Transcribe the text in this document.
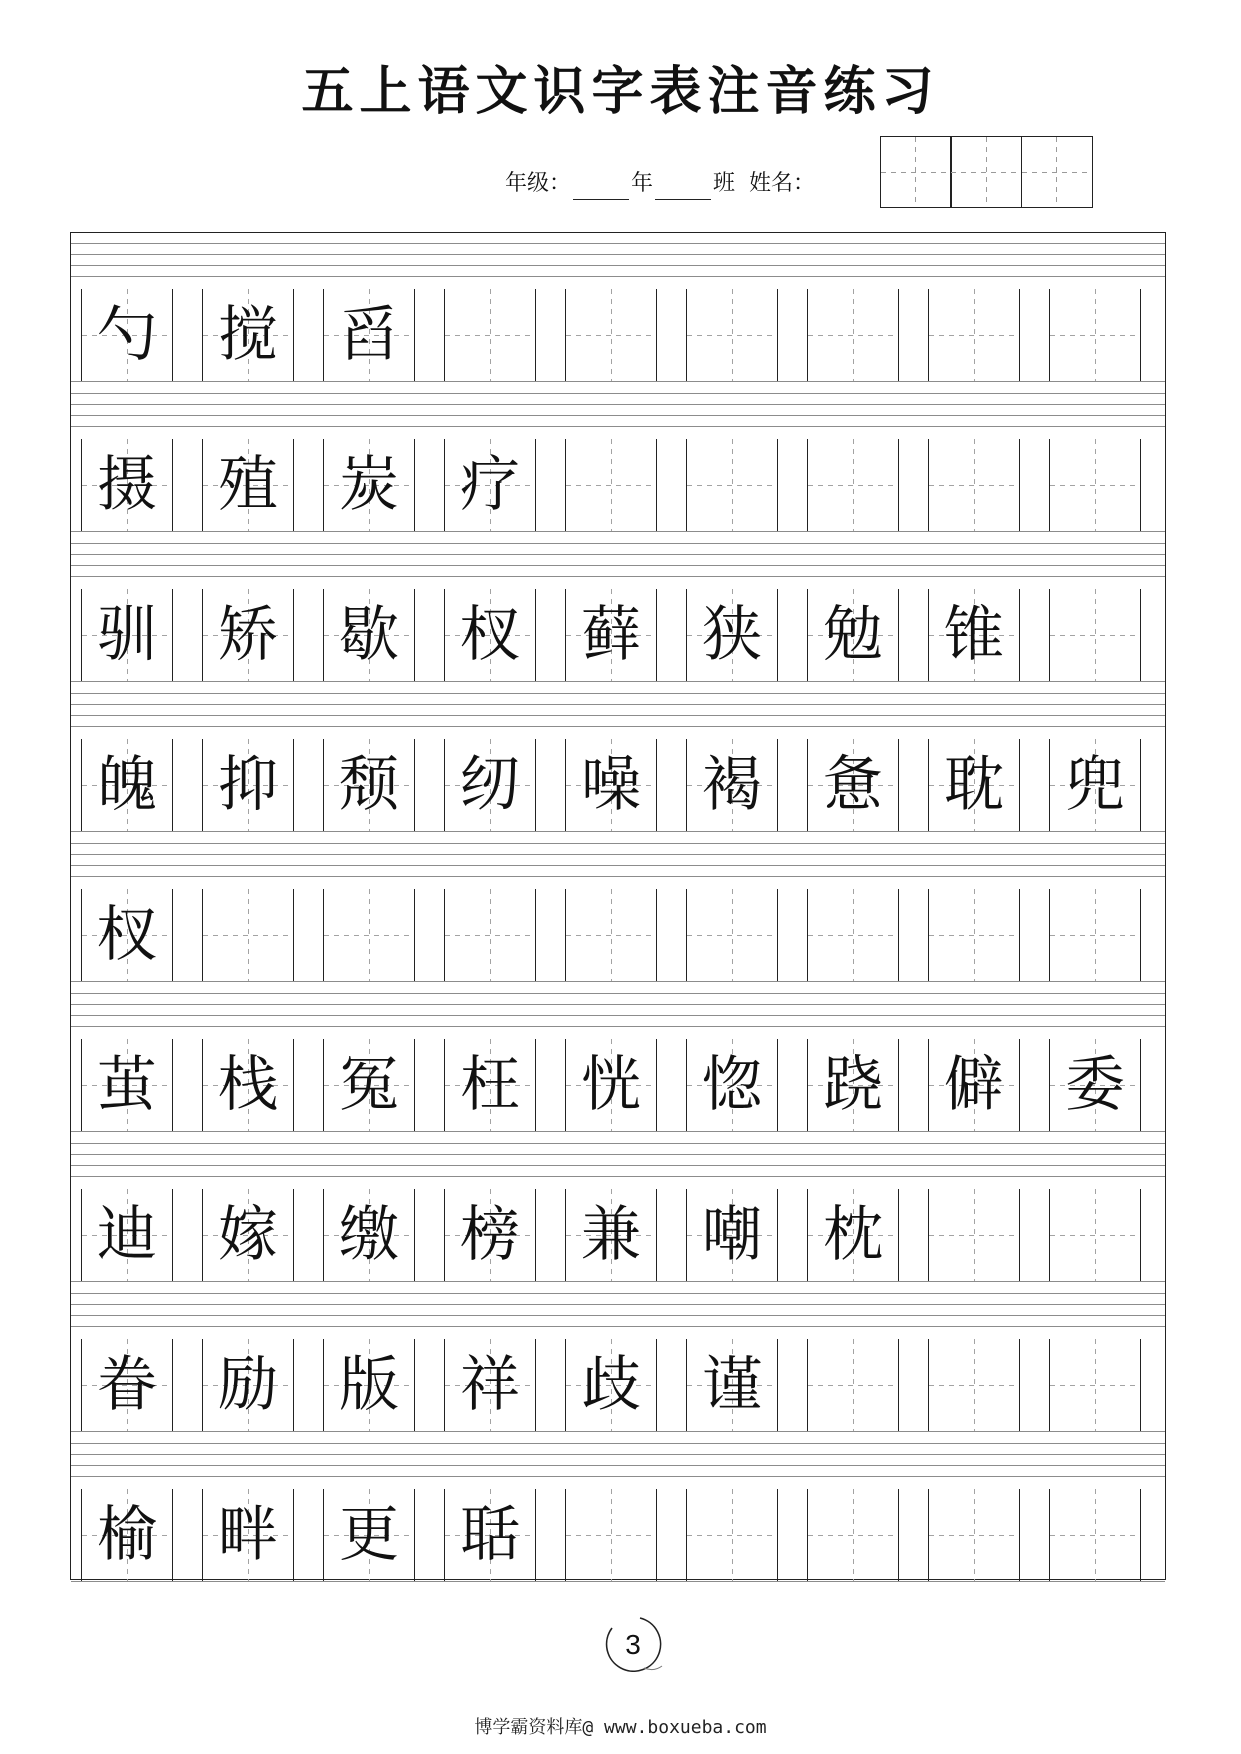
五上语文识字表注音练习
年级：	年	班 姓名：
勺 搅 舀
摄 殖 炭 疗
驯 矫 歇 杈 藓 狭 勉 锥
魄 抑 颓 纫 噪 褐 惫 耽 兜
杈
茧 栈 冤 枉 恍 惚 跷 僻 委
迪 嫁 缴 榜 兼 嘲 枕
眷 励 版 祥 歧 谨
榆 畔 更 聒
3
博学霸资料库@ www.boxueba.com
